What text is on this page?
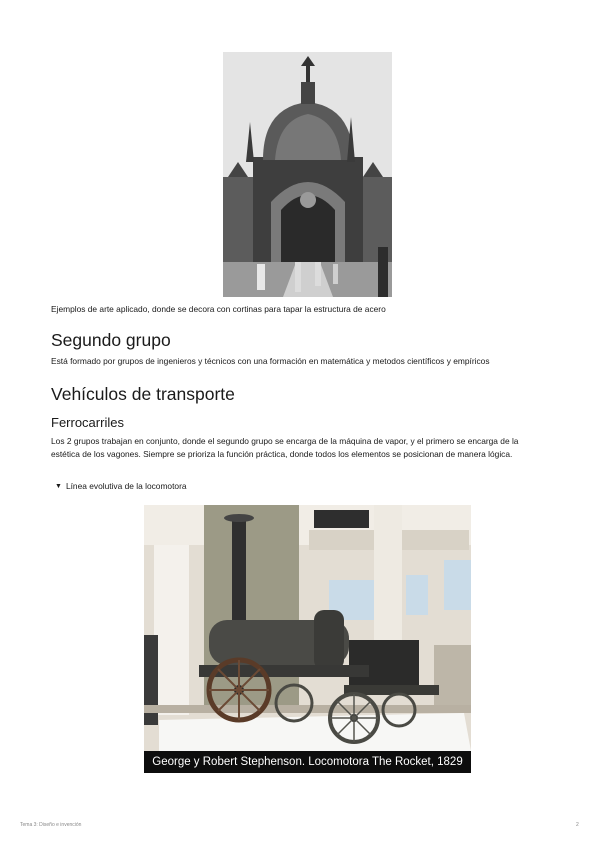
Ejemplos de arte aplicado, donde se decora con cortinas para tapar la estructura de acero
Segundo grupo
Está formado por grupos de ingenieros y técnicos con una formación en matemática y metodos científicos y empíricos
Vehículos de transporte
Ferrocarriles
Los 2 grupos trabajan en conjunto, donde el segundo grupo se encarga de la máquina de vapor, y el primero se encarga de la estética de los vagones. Siempre se prioriza la función práctica, donde todos los elementos se posicionan de manera lógica.
▼ Línea evolutiva de la locomotora
George y Robert Stephenson. Locomotora The Rocket, 1829
Tema 3: Diseño e invención	2
